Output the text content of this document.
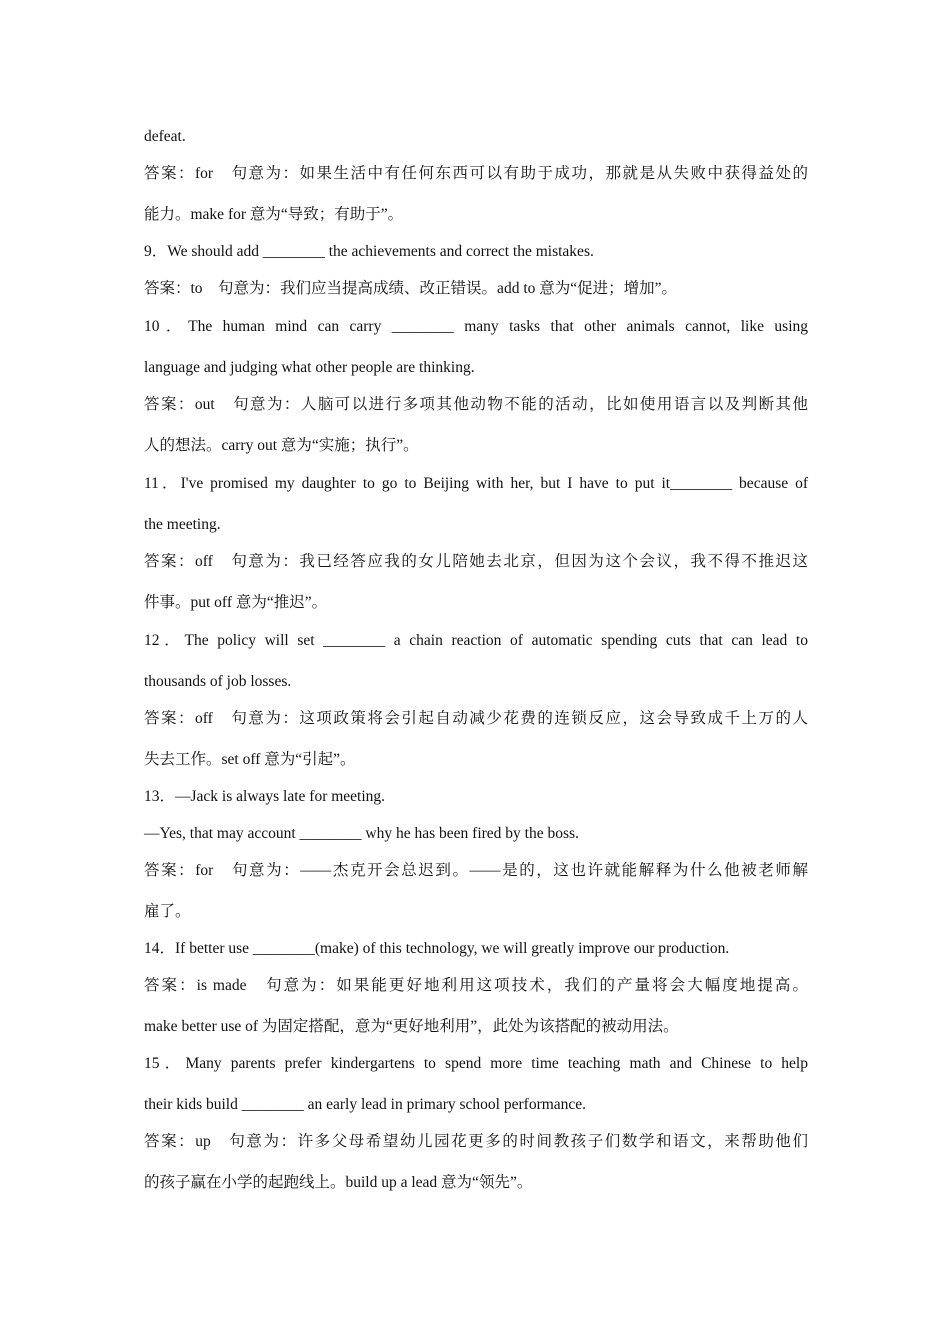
defeat.
答案：for　句意为：如果生活中有任何东西可以有助于成功，那就是从失败中获得益处的
能力。make for 意为“导致；有助于”。
9．We should add ________ the achievements and correct the mistakes.
答案：to　句意为：我们应当提高成绩、改正错误。add to 意为“促进；增加”。
10．The human mind can carry ________ many tasks that other animals cannot, like using
language and judging what other people are thinking.
答案：out　句意为：人脑可以进行多项其他动物不能的活动，比如使用语言以及判断其他
人的想法。carry out 意为“实施；执行”。
11．I've promised my daughter to go to Beijing with her, but I have to put it________ because of
the meeting.
答案：off　句意为：我已经答应我的女儿陪她去北京，但因为这个会议，我不得不推迟这
件事。put off 意为“推迟”。
12．The policy will set ________ a chain reaction of automatic spending cuts that can lead to
thousands of job losses.
答案：off　句意为：这项政策将会引起自动减少花费的连锁反应，这会导致成千上万的人
失去工作。set off 意为“引起”。
13．—Jack is always late for meeting.
—Yes, that may account ________ why he has been fired by the boss.
答案：for　句意为：——杰克开会总迟到。——是的，这也许就能解释为什么他被老师解
雇了。
14．If better use ________(make) of this technology, we will greatly improve our production.
答案：is made　句意为：如果能更好地利用这项技术，我们的产量将会大幅度地提高。
make better use of 为固定搭配，意为“更好地利用”，此处为该搭配的被动用法。
15．Many parents prefer kindergartens to spend more time teaching math and Chinese to help
their kids build ________ an early lead in primary school performance.
答案：up　句意为：许多父母希望幼儿园花更多的时间教孩子们数学和语文，来帮助他们
的孩子赢在小学的起跑线上。build up a lead 意为“领先”。
